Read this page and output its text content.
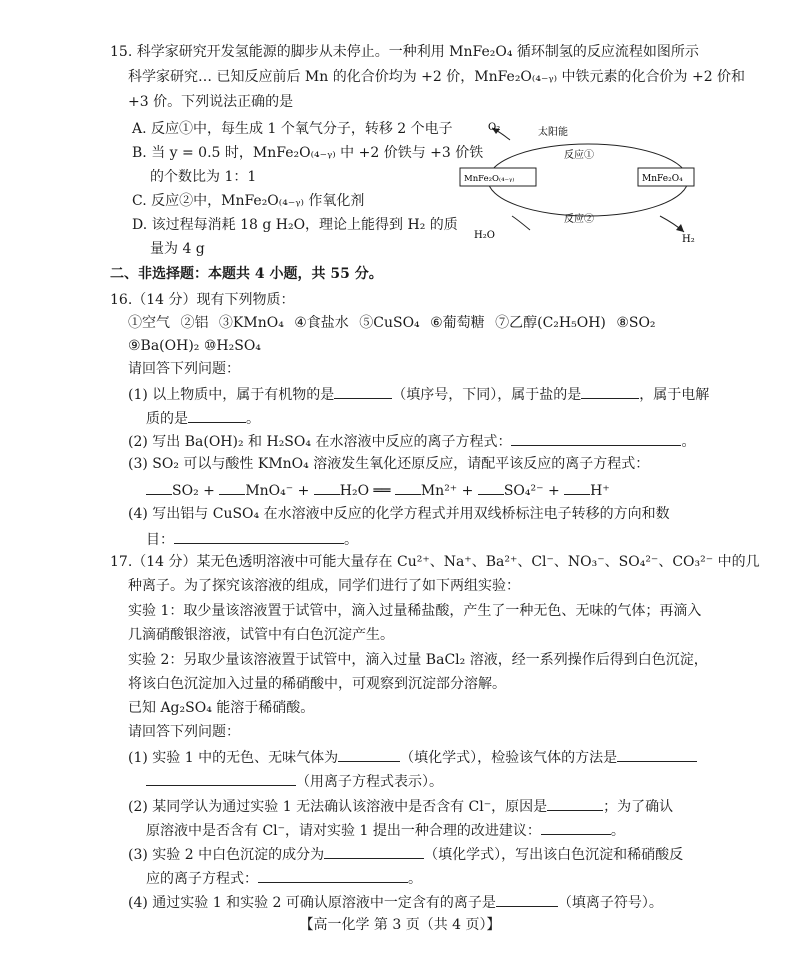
15. 科学家研究开发氢能源的脚步从未停止。一种利用 MnFe₂O₄ 循环制氢的反应流程如图所示
科学家研究… 已知反应前后 Mn 的化合价均为 +2 价，MnFe₂O₍₄₋ᵧ₎ 中铁元素的化合价为 +2 价和
+3 价。下列说法正确的是
A. 反应①中，每生成 1 个氧气分子，转移 2 个电子
B. 当 y = 0.5 时，MnFe₂O₍₄₋ᵧ₎ 中 +2 价铁与 +3 价铁
的个数比为 1：1
C. 反应②中，MnFe₂O₍₄₋ᵧ₎ 作氧化剂
D. 该过程每消耗 18 g H₂O，理论上能得到 H₂ 的质
量为 4 g
O₂	太阳能
反应①
MnFe₂O₍₄₋ᵧ₎	MnFe₂O₄
反应②
H₂O	H₂
二、非选择题：本题共 4 小题，共 55 分。
16.（14 分）现有下列物质：
①空气 ②铝 ③KMnO₄ ④食盐水 ⑤CuSO₄ ⑥葡萄糖 ⑦乙醇(C₂H₅OH) ⑧SO₂
⑨Ba(OH)₂ ⑩H₂SO₄
请回答下列问题：
(1) 以上物质中，属于有机物的是	（填序号，下同），属于盐的是	，属于电解
质的是	。
(2) 写出 Ba(OH)₂ 和 H₂SO₄ 在水溶液中反应的离子方程式：	。
(3) SO₂ 可以与酸性 KMnO₄ 溶液发生氧化还原反应，请配平该反应的离子方程式：
SO₂ + MnO₄⁻ + H₂O ══ Mn²⁺ + SO₄²⁻ + H⁺
(4) 写出铝与 CuSO₄ 在水溶液中反应的化学方程式并用双线桥标注电子转移的方向和数
目：	。
17.（14 分）某无色透明溶液中可能大量存在 Cu²⁺、Na⁺、Ba²⁺、Cl⁻、NO₃⁻、SO₄²⁻、CO₃²⁻ 中的几
种离子。为了探究该溶液的组成，同学们进行了如下两组实验：
实验 1：取少量该溶液置于试管中，滴入过量稀盐酸，产生了一种无色、无味的气体；再滴入
几滴硝酸银溶液，试管中有白色沉淀产生。
实验 2：另取少量该溶液置于试管中，滴入过量 BaCl₂ 溶液，经一系列操作后得到白色沉淀，
将该白色沉淀加入过量的稀硝酸中，可观察到沉淀部分溶解。
已知 Ag₂SO₄ 能溶于稀硝酸。
请回答下列问题：
(1) 实验 1 中的无色、无味气体为	（填化学式），检验该气体的方法是
（用离子方程式表示）。
(2) 某同学认为通过实验 1 无法确认该溶液中是否含有 Cl⁻，原因是	；为了确认
原溶液中是否含有 Cl⁻，请对实验 1 提出一种合理的改进建议：	。
(3) 实验 2 中白色沉淀的成分为	（填化学式），写出该白色沉淀和稀硝酸反
应的离子方程式：	。
(4) 通过实验 1 和实验 2 可确认原溶液中一定含有的离子是	（填离子符号）。
【高一化学 第 3 页（共 4 页）】
